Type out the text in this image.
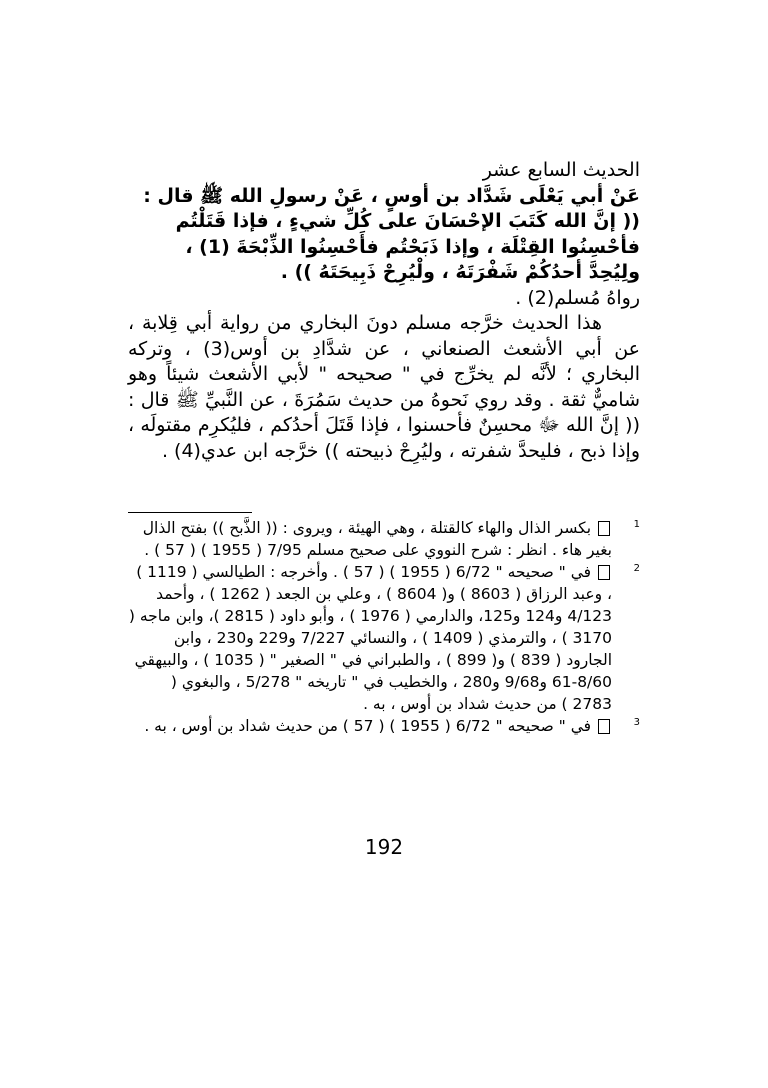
الحديث السابع عشر

عَنْ أبي يَعْلَى شَدَّاد بن أوسٍ ، عَنْ رسولِ الله ﷺ قال : (( إنَّ الله كَتَبَ الإحْسَانَ على كُلِّ شيءٍ ، فإذا قَتَلْتُم فأحْسِنُوا القِتْلَة ، وإذا ذَبَحْتُم فأَحْسِنُوا الذِّبْحَةَ (1) ، ولِيُحِدَّ أحدُكُمْ شَفْرَتَهُ ، ولْيُرِحْ ذَبِيحَتَهُ )) .

رواهُ مُسلم(2) .

هذا الحديث خرَّجه مسلم دونَ البخاري من رواية أبي قِلابة ، عن أبي الأشعث الصنعاني ، عن شدَّادِ بن أوس(3) ، وتركه البخاري ؛ لأنَّه لم يخرِّج في " صحيحه " لأبي الأشعث شيئاً وهو شاميٌّ ثقة . وقد روي نَحوهُ من حديث سَمُرَةَ ، عن النَّبيِّ ﷺ قال : (( إنَّ الله ﷻ محسِنٌ فأحسنوا ، فإذا قَتَلَ أحدُكم ، فليُكرِم مقتولَه ، وإذا ذبح ، فليحدَّ شفرته ، وليُرِحْ ذبيحته )) خرَّجه ابن عدي(4) .

1
بكسر الذال والهاء كالقتلة ، وهي الهيئة ، ويروى : (( الذَّبح )) بفتح الذال بغير هاء . انظر : شرح النووي على صحيح مسلم 7/95 ( 1955 ) ( 57 ) .
2
في " صحيحه " 6/72 ( 1955 ) ( 57 ) . وأخرجه : الطيالسي ( 1119 ) ، وعبد الرزاق ( 8603 ) و( 8604 ) ، وعلي بن الجعد ( 1262 ) ، وأحمد 4/123 و124 و125، والدارمي ( 1976 ) ، وأبو داود ( 2815 )، وابن ماجه ( 3170 ) ، والترمذي ( 1409 ) ، والنسائي 7/227 و229 و230 ، وابن الجارود ( 839 ) و( 899 ) ، والطبراني في " الصغير " ( 1035 ) ، والبيهقي 8/60-61 و9/68 و280 ، والخطيب في " تاريخه " 5/278 ، والبغوي ( 2783 ) من حديث شداد بن أوس ، به .
3
في " صحيحه " 6/72 ( 1955 ) ( 57 ) من حديث شداد بن أوس ، به .
192
